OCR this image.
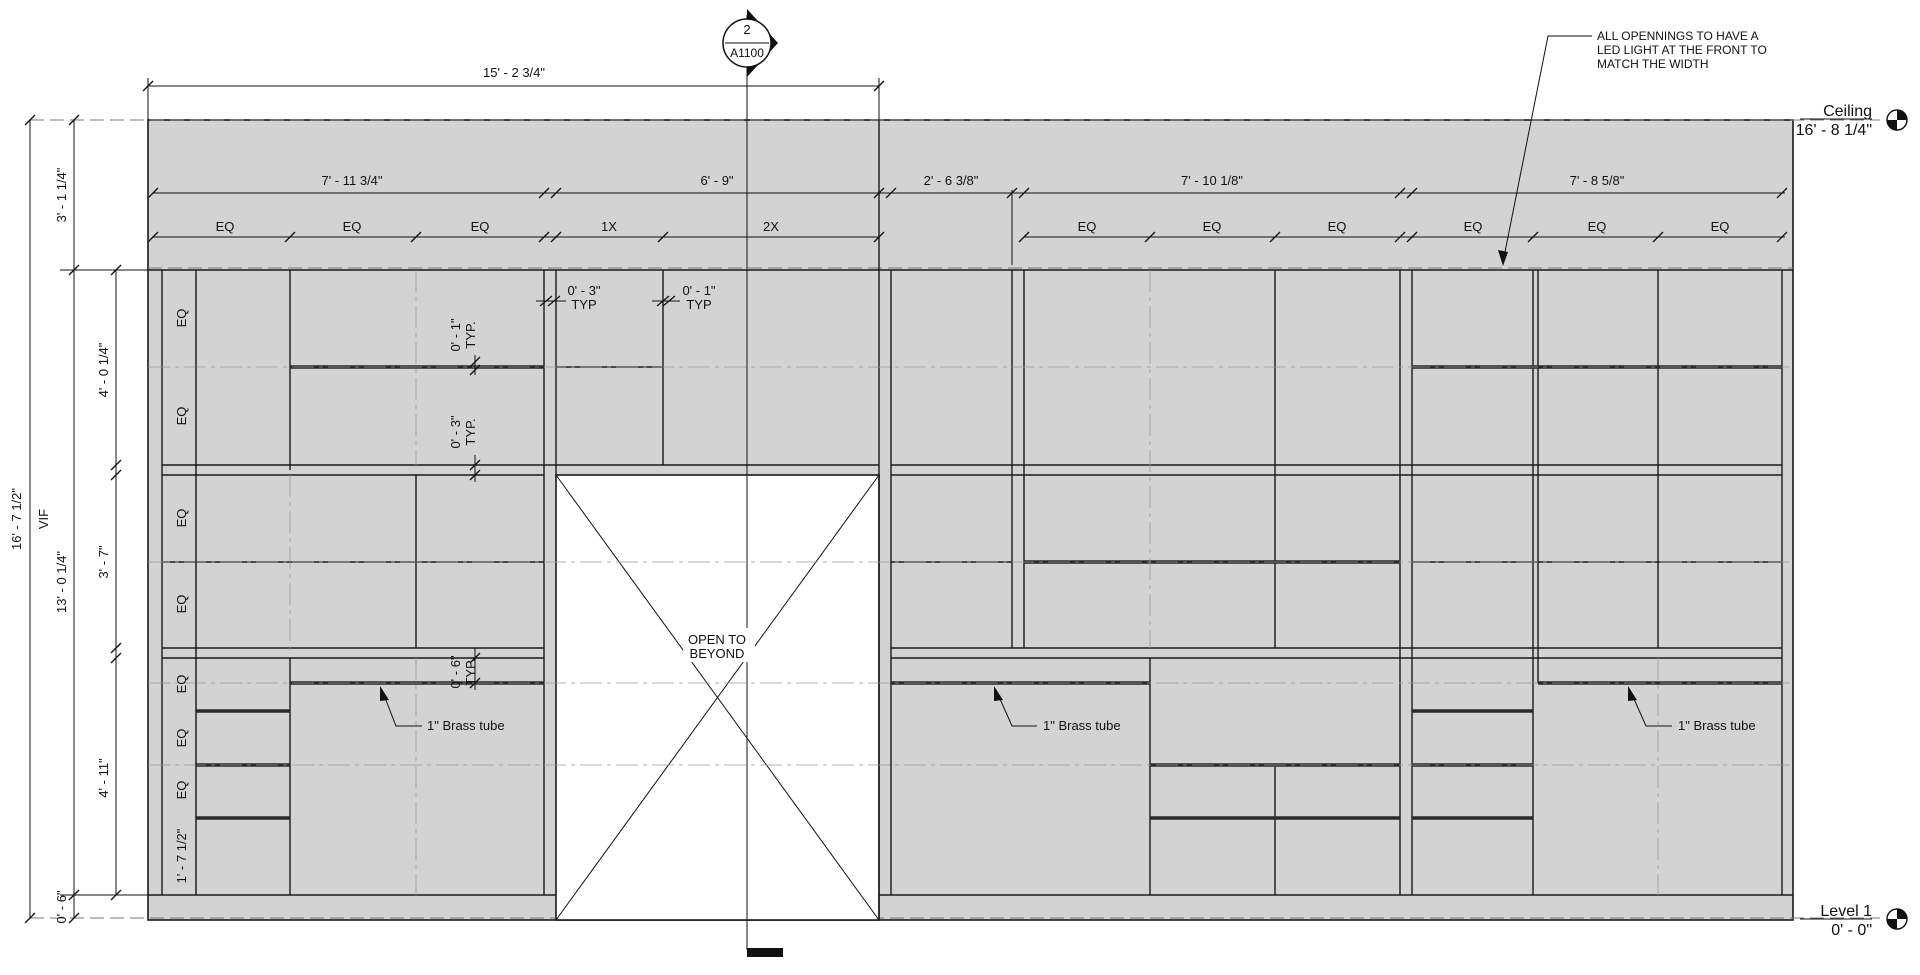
2
A1100
15' - 2 3/4"
7' - 11 3/4"	6' - 9"	2' - 6 3/8"	7' - 10 1/8"	7' - 8 5/8"
EQ	EQ	EQ	1X	2X	EQ	EQ	EQ	EQ	EQ	EQ
16' - 7 1/2" VIF
3' - 1 1/4"
13' - 0 1/4"
0' - 6"
4' - 0 1/4"
3' - 7"
4' - 11"
EQ
EQ
EQ
EQ
EQ
EQ
EQ
1' - 7 1/2"
0' - 3"
TYP
0' - 1"
TYP
0' - 1" TYP.
0' - 3" TYP.
0' - 6" TYP.
ALL OPENNINGS TO HAVE A
LED LIGHT AT THE FRONT TO
MATCH THE WIDTH
OPEN TO
BEYOND
1" Brass tube	1" Brass tube	1" Brass tube
Ceiling
16' - 8 1/4"
Level 1
0' - 0"
